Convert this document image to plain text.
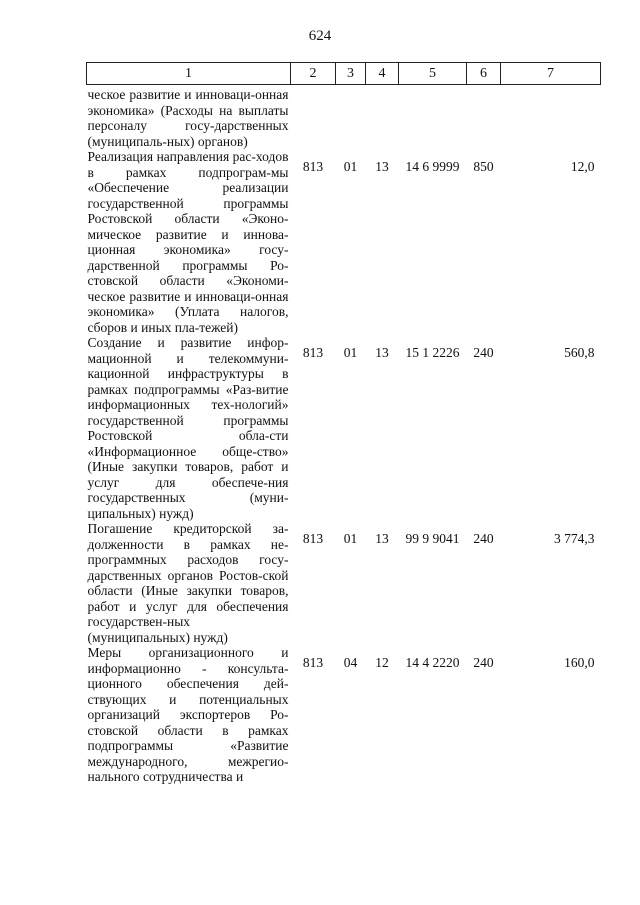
624
1	2	3	4	5	6	7
ческое развитие и инноваци-онная экономика» (Расходы на выплаты персоналу госу-дарственных (муниципаль-ных) органов)						
Реализация направления рас-ходов в рамках подпрограм-мы «Обеспечение реализации государственной программы Ростовской области «Эконо-мическое развитие и иннова-ционная экономика» госу-дарственной программы Ро-стовской области «Экономи-ческое развитие и инноваци-онная экономика» (Уплата налогов, сборов и иных пла-тежей)	813	01	13	14 6 9999	850	12,0
Создание и развитие инфор-мационной и телекоммуни-кационной инфраструктуры в рамках подпрограммы «Раз-витие информационных тех-нологий» государственной программы Ростовской обла-сти «Информационное обще-ство» (Иные закупки товаров, работ и услуг для обеспече-ния государственных (муни-ципальных) нужд)	813	01	13	15 1 2226	240	560,8
Погашение кредиторской за-долженности в рамках не-программных расходов госу-дарственных органов Ростов-ской области (Иные закупки товаров, работ и услуг для обеспечения государствен-ных (муниципальных) нужд)	813	01	13	99 9 9041	240	3 774,3
Меры организационного и информационно - консульта-ционного обеспечения дей-ствующих и потенциальных организаций экспортеров Ро-стовской области в рамках подпрограммы «Развитие международного, межрегио-нального сотрудничества и	813	04	12	14 4 2220	240	160,0
